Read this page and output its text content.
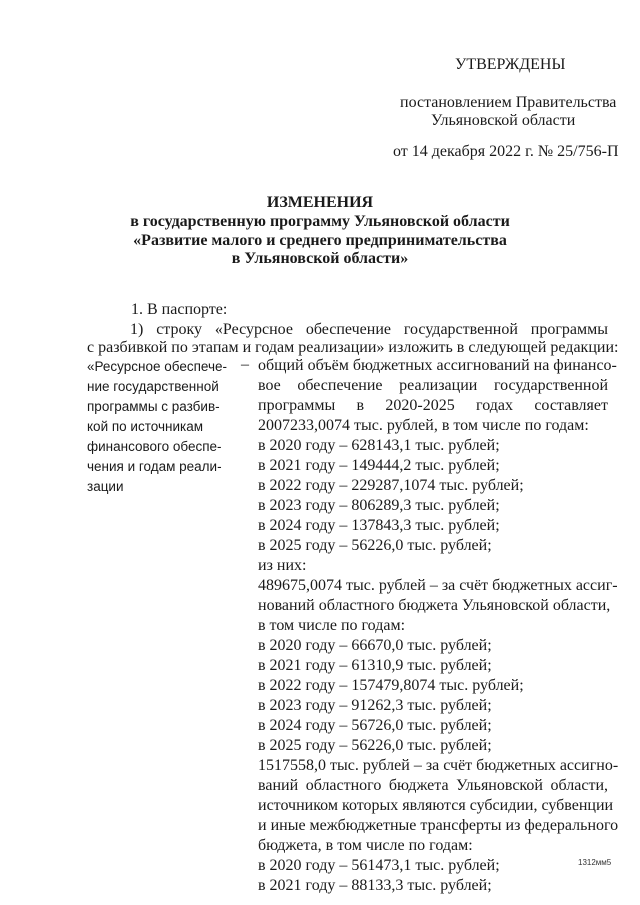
УТВЕРЖДЕНЫ
постановлением Правительства
Ульяновской области
от 14 декабря 2022 г. № 25/756-П
ИЗМЕНЕНИЯ
в государственную программу Ульяновской области
«Развитие малого и среднего предпринимательства
в Ульяновской области»
1. В паспорте:
1) строку «Ресурсное обеспечение государственной программы
с разбивкой по этапам и годам реализации» изложить в следующей редакции:
«Ресурсное обеспече-
ние государственной
программы с разбив-
кой по источникам
финансового обеспе-
чения и годам реали-
зации
– общий объём бюджетных ассигнований на финансо-
вое обеспечение реализации государственной
программы в 2020-2025 годах составляет
2007233,0074 тыс. рублей, в том числе по годам:
в 2020 году – 628143,1 тыс. рублей;
в 2021 году – 149444,2 тыс. рублей;
в 2022 году – 229287,1074 тыс. рублей;
в 2023 году – 806289,3 тыс. рублей;
в 2024 году – 137843,3 тыс. рублей;
в 2025 году – 56226,0 тыс. рублей;
из них:
489675,0074 тыс. рублей – за счёт бюджетных ассиг-
нований областного бюджета Ульяновской области,
в том числе по годам:
в 2020 году – 66670,0 тыс. рублей;
в 2021 году – 61310,9 тыс. рублей;
в 2022 году – 157479,8074 тыс. рублей;
в 2023 году – 91262,3 тыс. рублей;
в 2024 году – 56726,0 тыс. рублей;
в 2025 году – 56226,0 тыс. рублей;
1517558,0 тыс. рублей – за счёт бюджетных ассигно-
ваний областного бюджета Ульяновской области,
источником которых являются субсидии, субвенции
и иные межбюджетные трансферты из федерального
бюджета, в том числе по годам:
в 2020 году – 561473,1 тыс. рублей;
в 2021 году – 88133,3 тыс. рублей;
1312мм5
